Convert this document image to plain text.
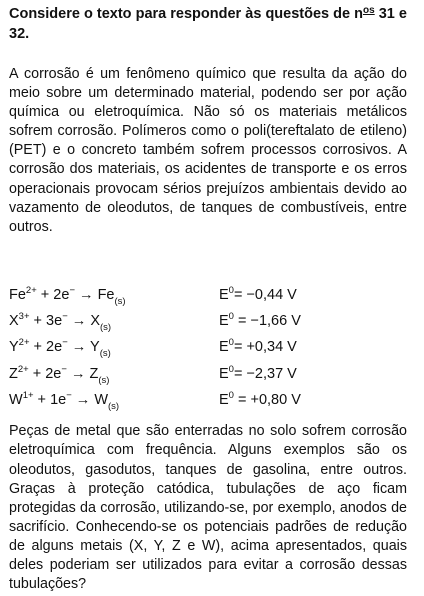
Considere o texto para responder às questões de $n^{os}$ 31 e 32.
A corrosão é um fenômeno químico que resulta da ação do meio sobre um determinado material, podendo ser por ação química ou eletroquímica. Não só os materiais metálicos sofrem corrosão. Polímeros como o poli(tereftalato de etileno) (PET) e o concreto também sofrem processos corrosivos. A corrosão dos materiais, os acidentes de transporte e os erros operacionais provocam sérios prejuízos ambientais devido ao vazamento de oleodutos, de tanques de combustíveis, entre outros.
$Fe^{2+} + 2e^- \to Fe_{(s)}$	$E^0= -0,44$ V
$X^{3+} + 3e^- \to X_{(s)}$	$E^0 = -1,66$ V
$Y^{2+} + 2e^- \to Y_{(s)}$	$E^0= +0,34$ V
$Z^{2+} + 2e^- \to Z_{(s)}$	$E^0= -2,37$ V
$W^{1+} + 1e^- \to W_{(s)}$	$E^0 = +0,80$ V
Peças de metal que são enterradas no solo sofrem corrosão eletroquímica com frequência. Alguns exemplos são os oleodutos, gasodutos, tanques de gasolina, entre outros. Graças à proteção catódica, tubulações de aço ficam protegidas da corrosão, utilizando-se, por exemplo, anodos de sacrifício. Conhecendo-se os potenciais padrões de redução de alguns metais (X, Y, Z e W), acima apresentados, quais deles poderiam ser utilizados para evitar a corrosão dessas tubulações?
